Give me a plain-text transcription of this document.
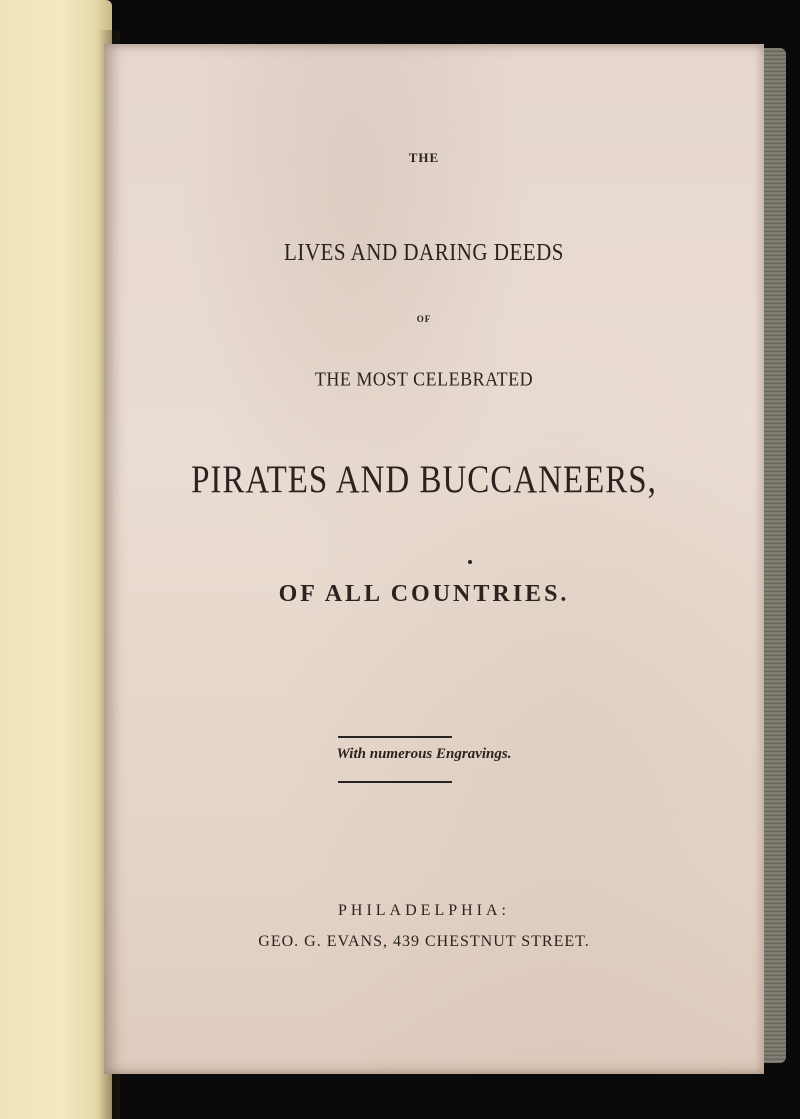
THE
LIVES AND DARING DEEDS
OF
THE MOST CELEBRATED
PIRATES AND BUCCANEERS,
OF ALL COUNTRIES.
With numerous Engravings.
PHILADELPHIA:
GEO. G. EVANS, 439 CHESTNUT STREET.
